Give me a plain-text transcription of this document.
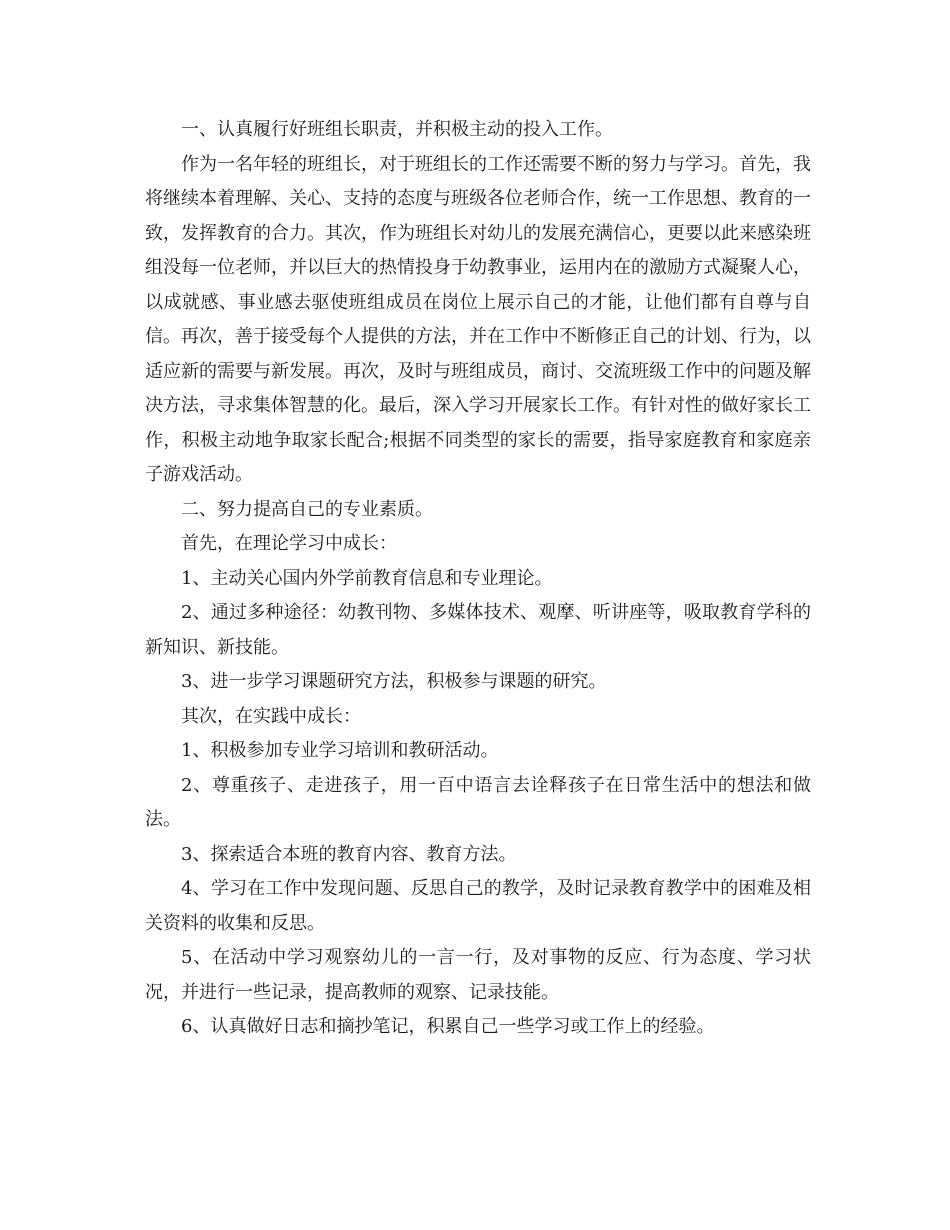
一、认真履行好班组长职责，并积极主动的投入工作。

作为一名年轻的班组长，对于班组长的工作还需要不断的努力与学习。首先，我将继续本着理解、关心、支持的态度与班级各位老师合作，统一工作思想、教育的一致，发挥教育的合力。其次，作为班组长对幼儿的发展充满信心，更要以此来感染班组没每一位老师，并以巨大的热情投身于幼教事业，运用内在的激励方式凝聚人心，以成就感、事业感去驱使班组成员在岗位上展示自己的才能，让他们都有自尊与自信。再次，善于接受每个人提供的方法，并在工作中不断修正自己的计划、行为，以适应新的需要与新发展。再次，及时与班组成员，商讨、交流班级工作中的问题及解决方法，寻求集体智慧的化。最后，深入学习开展家长工作。有针对性的做好家长工作，积极主动地争取家长配合;根据不同类型的家长的需要，指导家庭教育和家庭亲子游戏活动。

二、努力提高自己的专业素质。

首先，在理论学习中成长：

1、主动关心国内外学前教育信息和专业理论。

2、通过多种途径：幼教刊物、多媒体技术、观摩、听讲座等，吸取教育学科的新知识、新技能。

3、进一步学习课题研究方法，积极参与课题的研究。

其次，在实践中成长：

1、积极参加专业学习培训和教研活动。

2、尊重孩子、走进孩子，用一百中语言去诠释孩子在日常生活中的想法和做法。

3、探索适合本班的教育内容、教育方法。

4、学习在工作中发现问题、反思自己的教学，及时记录教育教学中的困难及相关资料的收集和反思。

5、在活动中学习观察幼儿的一言一行，及对事物的反应、行为态度、学习状况，并进行一些记录，提高教师的观察、记录技能。

6、认真做好日志和摘抄笔记，积累自己一些学习或工作上的经验。
